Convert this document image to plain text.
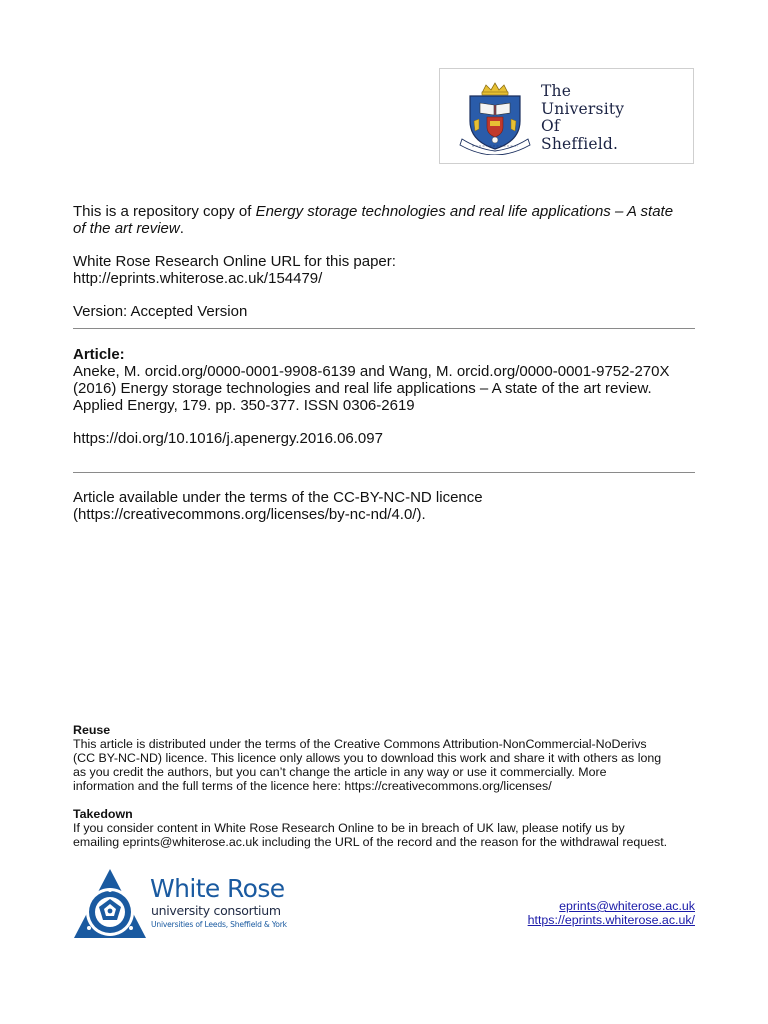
The
University
Of
Sheffield.
This is a repository copy of Energy storage technologies and real life applications – A state
of the art review.
White Rose Research Online URL for this paper:
http://eprints.whiterose.ac.uk/154479/
Version: Accepted Version
Article:
Aneke, M. orcid.org/0000-0001-9908-6139 and Wang, M. orcid.org/0000-0001-9752-270X
(2016) Energy storage technologies and real life applications – A state of the art review.
Applied Energy, 179. pp. 350-377. ISSN 0306-2619
https://doi.org/10.1016/j.apenergy.2016.06.097
Article available under the terms of the CC-BY-NC-ND licence
(https://creativecommons.org/licenses/by-nc-nd/4.0/).
Reuse
This article is distributed under the terms of the Creative Commons Attribution-NonCommercial-NoDerivs
(CC BY-NC-ND) licence. This licence only allows you to download this work and share it with others as long
as you credit the authors, but you can’t change the article in any way or use it commercially. More
information and the full terms of the licence here: https://creativecommons.org/licenses/
Takedown
If you consider content in White Rose Research Online to be in breach of UK law, please notify us by
emailing eprints@whiterose.ac.uk including the URL of the record and the reason for the withdrawal request.
White Rose
university consortium
Universities of Leeds, Sheffield & York
eprints@whiterose.ac.uk
https://eprints.whiterose.ac.uk/
